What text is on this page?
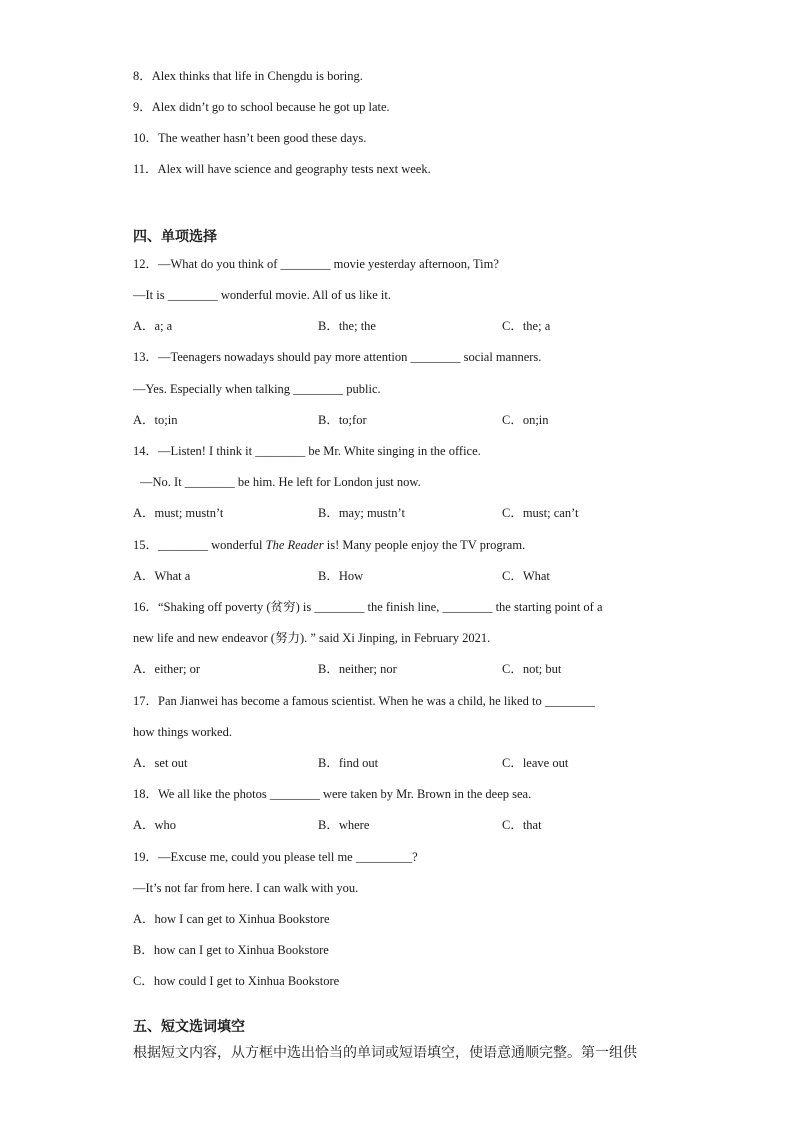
8．Alex thinks that life in Chengdu is boring.
9．Alex didn’t go to school because he got up late.
10．The weather hasn’t been good these days.
11．Alex will have science and geography tests next week.
四、单项选择
12．—What do you think of ________ movie yesterday afternoon, Tim?
—It is ________ wonderful movie. All of us like it.
A．a; a	B．the; the	C．the; a
13．—Teenagers nowadays should pay more attention ________ social manners.
—Yes. Especially when talking ________ public.
A．to;in	B．to;for	C．on;in
14．—Listen! I think it ________ be Mr. White singing in the office.
—No. It ________ be him. He left for London just now.
A．must; mustn’t	B．may; mustn’t	C．must; can’t
15．________ wonderful The Reader is! Many people enjoy the TV program.
A．What a	B．How	C．What
16．“Shaking off poverty (贫穷) is ________ the finish line, ________ the starting point of a
new life and new endeavor (努力). ” said Xi Jinping, in February 2021.
A．either; or	B．neither; nor	C．not; but
17．Pan Jianwei has become a famous scientist. When he was a child, he liked to ________
how things worked.
A．set out	B．find out	C．leave out
18．We all like the photos ________ were taken by Mr. Brown in the deep sea.
A．who	B．where	C．that
19．—Excuse me, could you please tell me _________?
—It’s not far from here. I can walk with you.
A．how I can get to Xinhua Bookstore
B．how can I get to Xinhua Bookstore
C．how could I get to Xinhua Bookstore
五、短文选词填空
根据短文内容，从方框中选出恰当的单词或短语填空，使语意通顺完整。第一组供
